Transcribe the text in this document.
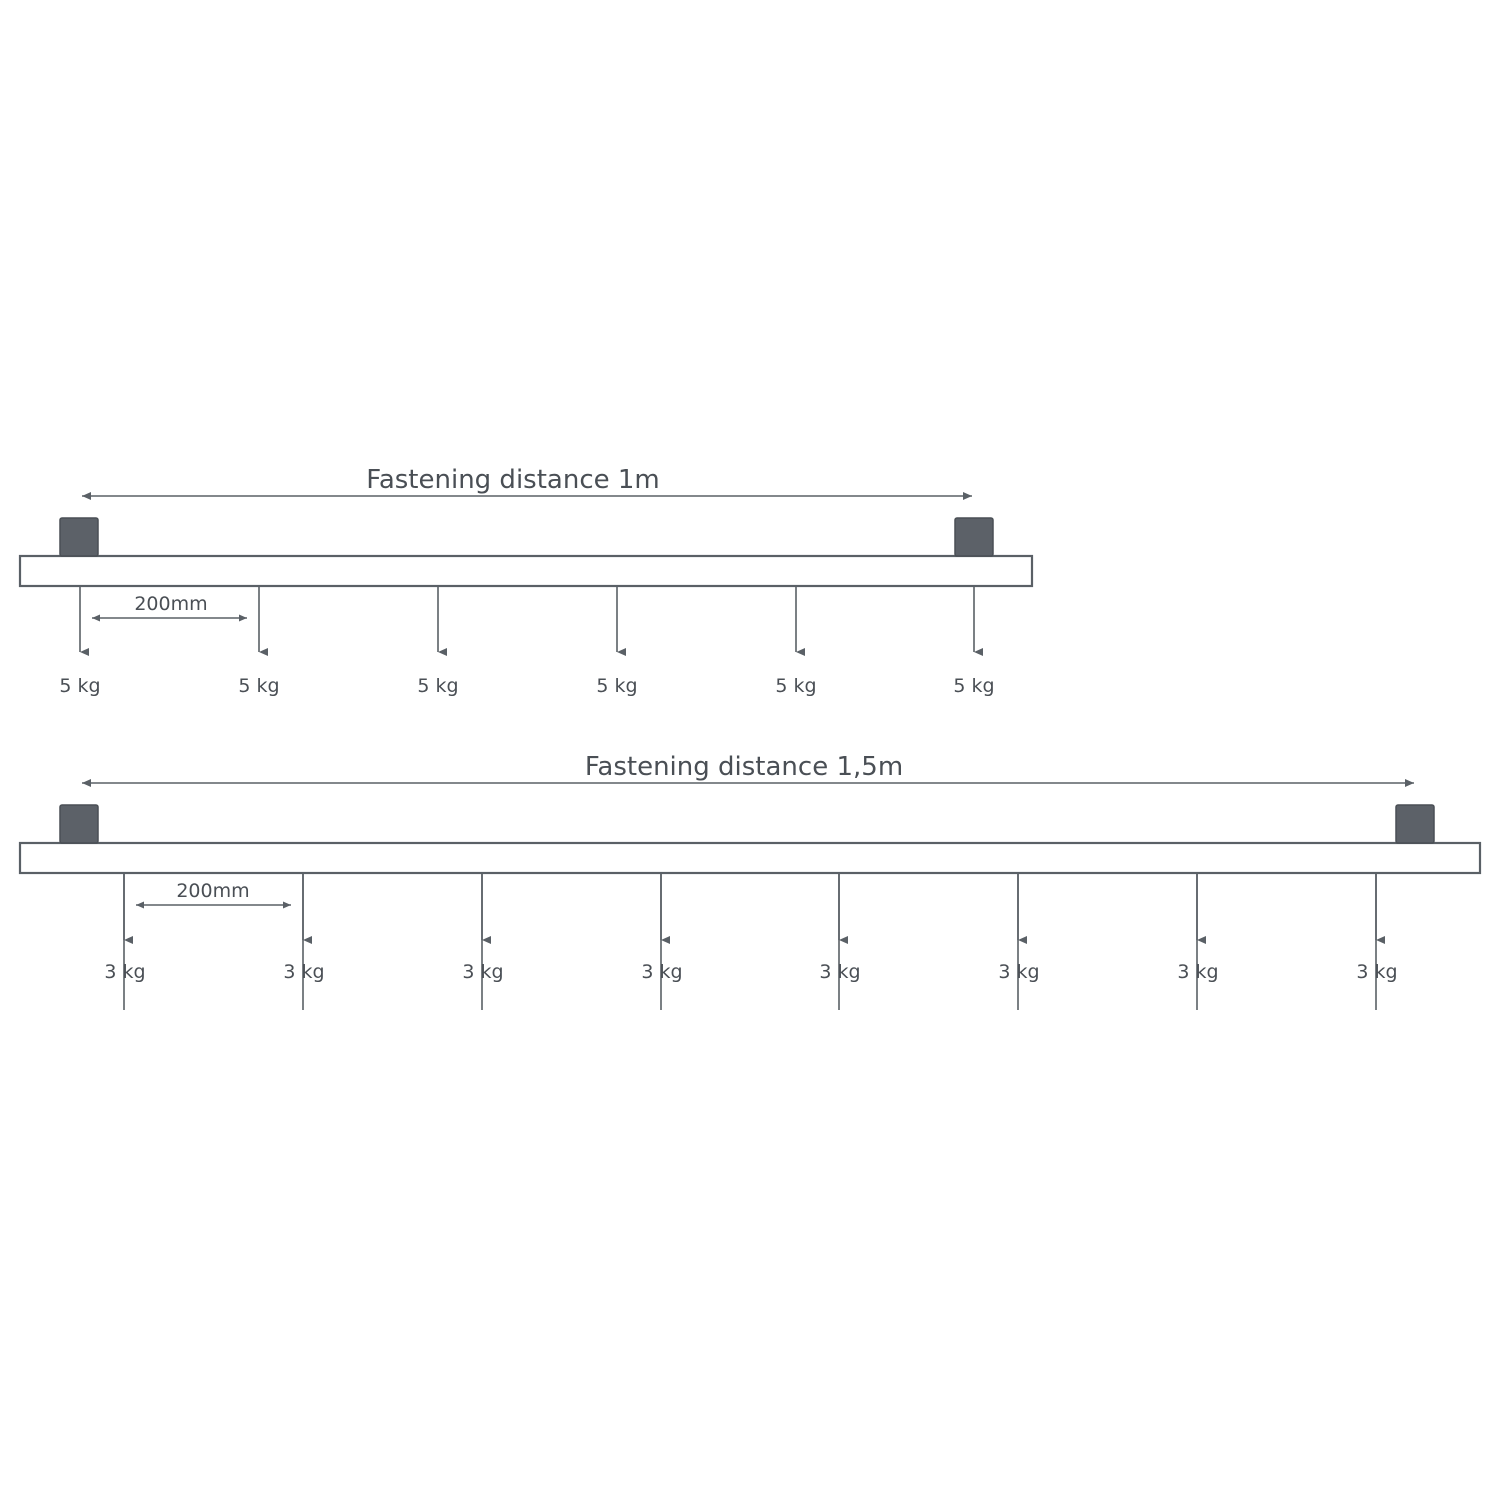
Fastening distance 1m
200mm
5 kg	5 kg	5 kg	5 kg	5 kg	5 kg
Fastening distance 1,5m
200mm
3 kg	3 kg	3 kg	3 kg	3 kg	3 kg	3 kg	3 kg
